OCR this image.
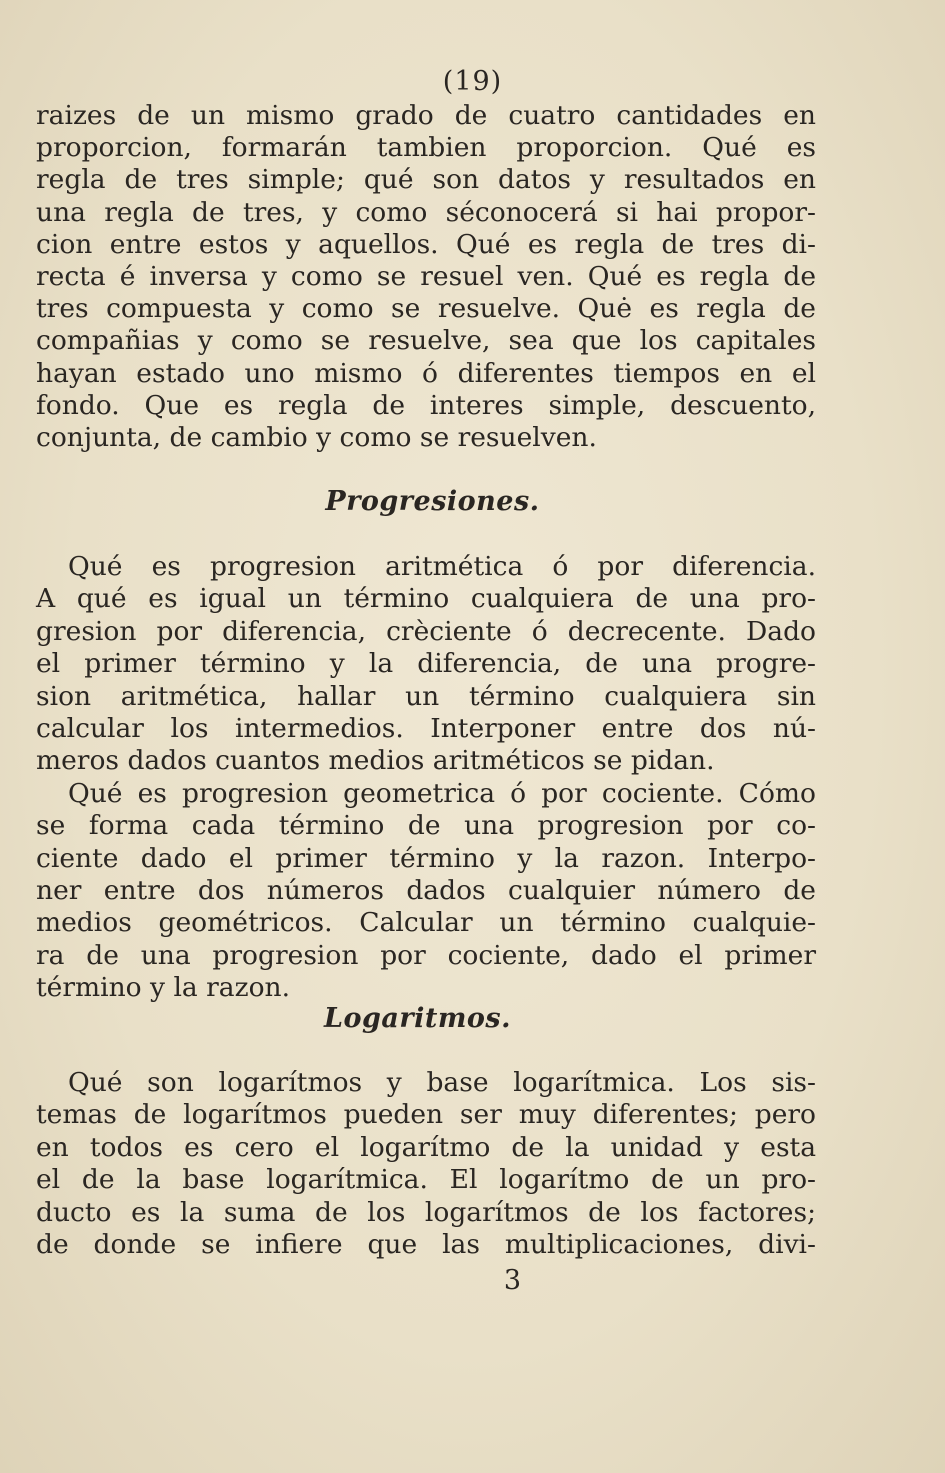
(19)
raizes de un mismo grado de cuatro cantidades en
proporcion, formarán tambien proporcion. Qué es
regla de tres simple; qué son datos y resultados en
una regla de tres, y como séconocerá si hai propor-
cion entre estos y aquellos. Qué es regla de tres di-
recta é inversa y como se resuel ven. Qué es regla de
tres compuesta y como se resuelve. Quė es regla de
compañias y como se resuelve, sea que los capitales
hayan estado uno mismo ó diferentes tiempos en el
fondo. Que es regla de interes simple, descuento,
conjunta, de cambio y como se resuelven.
Progresiones.
Qué es progresion aritmética ó por diferencia.
A qué es igual un término cualquiera de una pro-
gresion por diferencia, crèciente ó decrecente. Dado
el primer término y la diferencia, de una progre-
sion aritmética, hallar un término cualquiera sin
calcular los intermedios. Interponer entre dos nú-
meros dados cuantos medios aritméticos se pidan.
Qué es progresion geometrica ó por cociente. Cómo
se forma cada término de una progresion por co-
ciente dado el primer término y la razon. Interpo-
ner entre dos números dados cualquier número de
medios geométricos. Calcular un término cualquie-
ra de una progresion por cociente, dado el primer
término y la razon.
Logaritmos.
Qué son logarítmos y base logarítmica. Los sis-
temas de logarítmos pueden ser muy diferentes; pero
en todos es cero el logarítmo de la unidad y esta
el de la base logarítmica. El logarítmo de un pro-
ducto es la suma de los logarítmos de los factores;
de donde se infiere que las multiplicaciones, divi-
3
